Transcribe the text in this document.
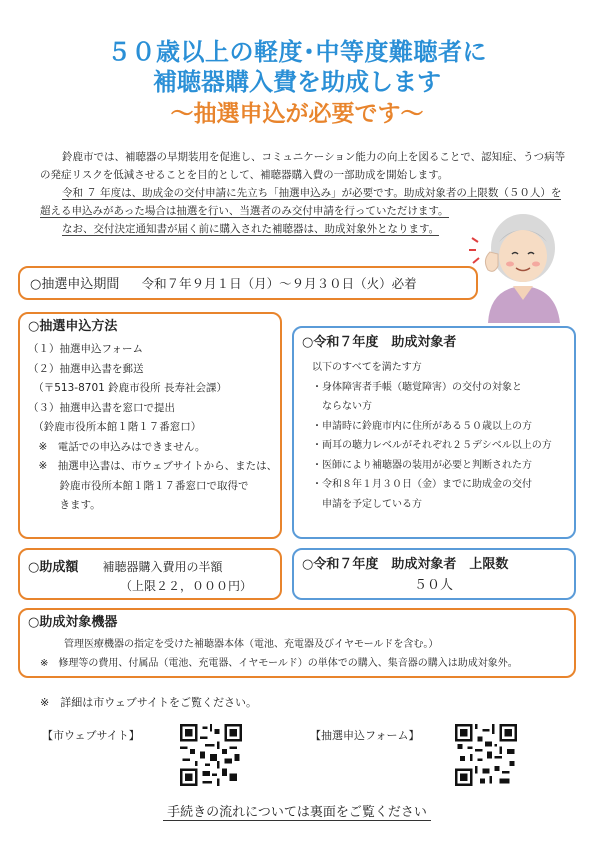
５０歳以上の軽度･中等度難聴者に
補聴器購入費を助成します
～抽選申込が必要です～

鈴鹿市では、補聴器の早期装用を促進し、コミュニケーション能力の向上を図ることで、認知症、うつ病等の発症リスクを低減させることを目的として、補聴器購入費の一部助成を開始します。

令和 ７ 年度は、助成金の交付申請に先立ち「抽選申込み」が必要です。助成対象者の上限数（５０人）を超える申込みがあった場合は抽選を行い、当選者のみ交付申請を行っていただけます。

なお、交付決定通知書が届く前に購入された補聴器は、助成対象外となります。

○抽選申込期間 令和７年９月１日（月）～９月３０日（火）必着
○抽選申込方法
（１）抽選申込フォーム
（２）抽選申込書を郵送
　（〒513-8701 鈴鹿市役所 長寿社会課）
（３）抽選申込書を窓口で提出
　（鈴鹿市役所本館１階１７番窓口）
　※　電話での申込みはできません。
　※　抽選申込書は、市ウェブサイトから、または、
　　　鈴鹿市役所本館１階１７番窓口で取得で
　　　きます。
○令和７年度　助成対象者
以下のすべてを満たす方
・身体障害者手帳（聴覚障害）の交付の対象と
　ならない方
・申請時に鈴鹿市内に住所がある５０歳以上の方
・両耳の聴力レベルがそれぞれ２５デシベル以上の方
・医師により補聴器の装用が必要と判断された方
・令和８年１月３０日（金）までに助成金の交付
　申請を予定している方
○助成額 補聴器購入費用の半額
（上限２２，０００円）
○令和７年度　助成対象者　上限数
５０人
○助成対象機器
管理医療機器の指定を受けた補聴器本体（電池、充電器及びイヤモールドを含む。）
※　修理等の費用、付属品（電池、充電器、イヤモールド）の単体での購入、集音器の購入は助成対象外。
※　詳細は市ウェブサイトをご覧ください。
【市ウェブサイト】	【抽選申込フォーム】
手続きの流れについては裏面をご覧ください
